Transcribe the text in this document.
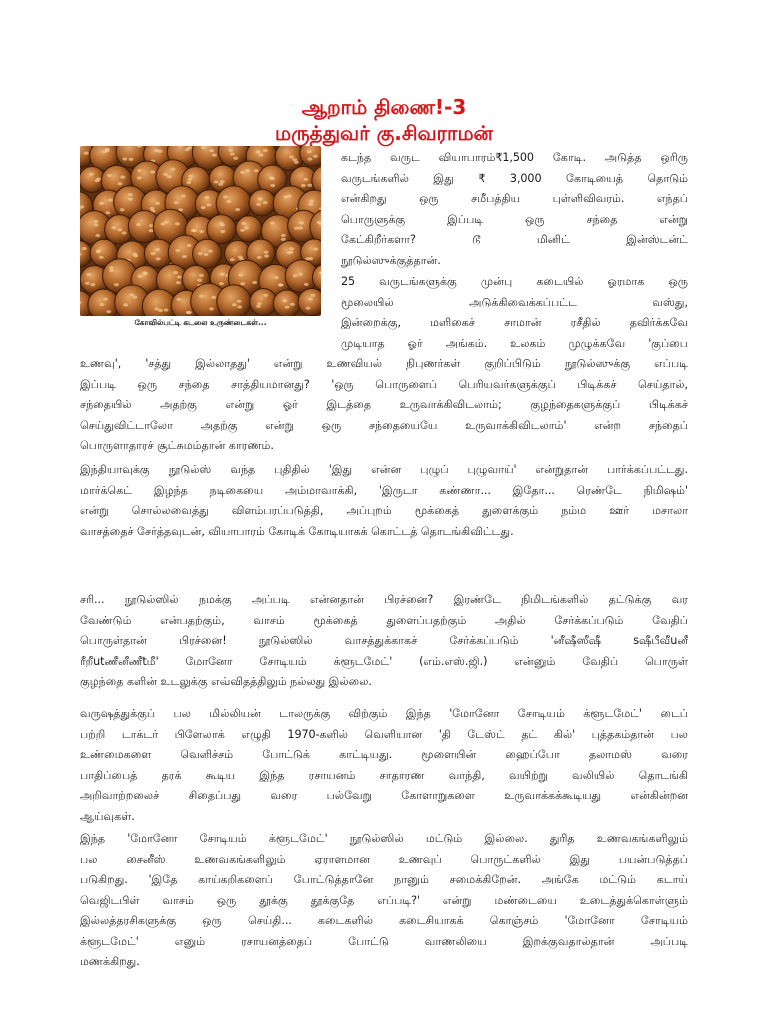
ஆறாம் திணை!-3
மருத்துவர் கு.சிவராமன்
கோவில்பட்டி கடலை உருண்டைகள்...

கடந்த வருட வியாபாரம்₹1,500 கோடி. அடுத்த ஒரிரு
வருடங்களில் இது ₹ 3,000 கோடியைத் தொடும்
என்கிறது ஒரு சமீபத்திய புள்ளிவிவரம். எந்தப்
பொருளுக்கு இப்படி ஒரு சந்தை என்று
கேட்கிறீர்களா? டூ மினிட் இன்ஸ்டன்ட்
நூடுல்ஸுக்குத்தான்.

25 வருடங்களுக்கு முன்பு கடையில் ஓரமாக ஒரு
மூலையில் அடுக்கிவைக்கப்பட்ட வஸ்து,
இன்றைக்கு, மளிகைச் சாமான் ரசீதில் தவிர்க்கவே
முடியாத ஓர் அங்கம். உலகம் முழுக்கவே 'குப்பை

உணவு', 'சத்து இல்லாதது' என்று உணவியல் நிபுணர்கள் குறிப்பிடும் நூடுல்ஸுக்கு எப்படி
இப்படி ஒரு சந்தை சாத்தியமானது? 'ஒரு பொருளைப் பெரியவர்களுக்குப் பிடிக்கச் செய்தால்,
சந்தையில் அதற்கு என்று ஓர் இடத்தை உருவாக்கிவிடலாம்; குழந்தைகளுக்குப் பிடிக்கச்
செய்துவிட்டாலோ அதற்கு என்று ஒரு சந்தையையே உருவாக்கிவிடலாம்' என்ற சந்தைப்
பொருளாதாரச் சூட்சுமம்தான் காரணம்.

இந்தியாவுக்கு நூடுல்ஸ் வந்த புதிதில் 'இது என்ன புழுப் புழுவாய்' என்றுதான் பார்க்கப்பட்டது.
மார்க்கெட் இழந்த நடிகையை அம்மாவாக்கி, 'இருடா கண்ணா... இதோ... ரெண்டே நிமிஷம்'
என்று சொல்லவைத்து விளம்பரப்படுத்தி, அப்புறம் மூக்கைத் துளைக்கும் நம்ம ஊர் மசாலா
வாசத்தைச் சேர்த்தவுடன், வியாபாரம் கோடிக் கோடியாகக் கொட்டத் தொடங்கிவிட்டது.

சரி... நூடுல்ஸில் நமக்கு அப்படி என்னதான் பிரச்னை? இரண்டே நிமிடங்களில் தட்டுக்கு வர
வேண்டும் என்பதற்கும், வாசம் மூக்கைத் துளைப்பதற்கும் அதில் சேர்க்கப்படும் வேதிப்
பொருள்தான் பிரச்னை! நூடுல்ஸில் வாசத்துக்காகச் சேர்க்கப்படும் 'னீஷீஸீஷீ sஷீபீவீuனீ
ரீறீutணீனீணீtமீ' மோனோ சோடியம் க்ளூடமேட்' (எம்.எஸ்.ஜி.) என்னும் வேதிப் பொருள்
குழந்தை களின் உடலுக்கு எவ்விதத்திலும் நல்லது இல்லை.

வருஷத்துக்குப் பல மில்லியன் டாலருக்கு விற்கும் இந்த 'மோனோ சோடியம் க்ளூடமேட்' டைப்
பற்றி டாக்டர் பிளேலாக் எழுதி 1970-களில் வெளியான 'தி டேஸ்ட் தட் கில்' புத்தகம்தான் பல
உண்மைகளை வெளிச்சம் போட்டுக் காட்டியது. மூளையின் ஹைப்போ தலாமஸ் வரை
பாதிப்பைத் தரக் கூடிய இந்த ரசாயனம் சாதாரண வாந்தி, வயிற்று வலியில் தொடங்கி
அறிவாற்றலைச் சிதைப்பது வரை பல்வேறு கோளாறுகளை உருவாக்கக்கூடியது என்கின்றன
ஆய்வுகள்.

இந்த 'மோனோ சோடியம் க்ளூடமேட்' நூடுல்ஸில் மட்டும் இல்லை. துரித உணவகங்களிலும்
பல சைனீஸ் உணவகங்களிலும் ஏராளமான உணவுப் பொருட்களில் இது பயன்படுத்தப்
படுகிறது. 'இதே காய்கறிகளைப் போட்டுத்தானே நானும் சமைக்கிறேன். அங்கே மட்டும் கடாய்
வெஜிடபிள் வாசம் ஒரு தூக்கு தூக்குதே எப்படி?' என்று மண்டையை உடைத்துக்கொள்ளும்
இல்லத்தரசிகளுக்கு ஒரு செய்தி... கடைகளில் கடைசியாகக் கொஞ்சம் 'மோனோ சோடியம்
க்ளூடமேட்' எனும் ரசாயனத்தைப் போட்டு வாணலியை இறக்குவதால்தான் அப்படி
மணக்கிறது.
